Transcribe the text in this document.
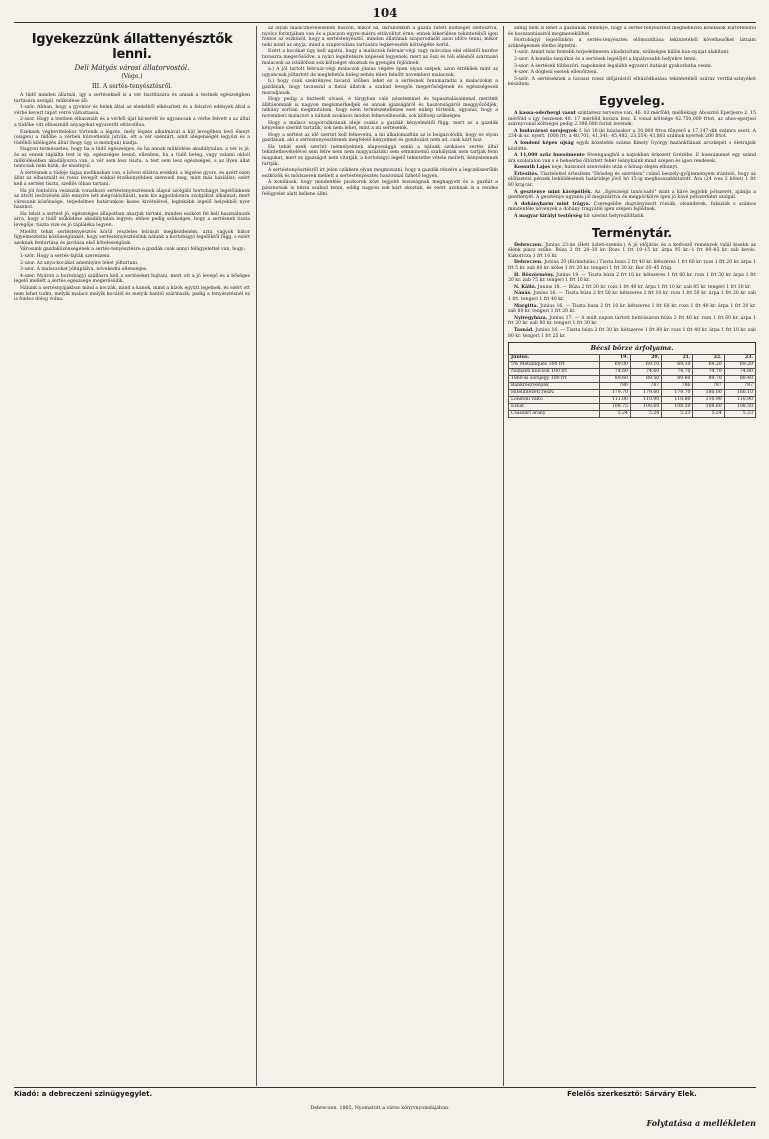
104
Igyekezzünk állattenyésztők lenni.
Deli Mátyás városi állatorvostól.
(Vége.)
III. A sertés-tenyésztésről.

A tüdő minden állatnál, így a sertéseknél is a vér tisztítására és annak a testnek egészségben tartására szolgál, működése áll:

1-ször. Abban, hogy a gyomor és belek által az eledelből elkészített és a felszívó edények által a vérbe kevert tápot vérré változtassa.

2-szor. Hogy a testben elhasznált és a vérből újat kicserélt és ugyancsak a vérbe felvett s az által a tüdőbe vitt elhasznált anyagokat egyszerűt eltávolítsa.

Ezeknek végbevitelekor történik a légzés, mely légzés alkalmával a kül levegőben levő élenyt (oxigen) a tüdőbe a vérben közvetlenül jutván, ott a vér széntárt, amit idegenségét legyőzi és a tüdőből kilélegzés által (hogy úgy is mondjuk) kiadja.

Nagyon természetes, hogy ha a tüdő egészséges, és ha annak működése akadálytalan, a vér is jó, és az ennek táplálta test is ép, egészséges leend; ellenben, ha a tüdő beteg, vagy valami okból működésében akadályozva van, a vér sem lesz tiszta, a test sem lesz egészséges, s az ilyen állat nemcsak nem hízik, de elsatnyul.

A sertésnek a tüdeje tágas mellkasban van, s bőven ellátva erekkel; a légzése gyors, és azért ezen állat az elhasznált és rossz levegőt sokkal érzékenyebben szenvedi meg, mint más háziállat; ezért kell a sertést tiszta, szellős ólban tartani.

Ha jól fontolóra veszszük vonatkozó sertéstenyésztésnek alapul szolgáló hortobágyi legelőinknek az átvitt lesőrzésén álló ennyire lett megvalósítását, nem kis aggodalomra szolgáltat alkalmat; mert városunk közönsége, tetjedelmes határunkon kezes kivételével, leginkább legelő helyekből nyer hasznot.

Ha tehát a sertést jó, egészséges állapotban akarjuk tartani, minden eszközt fel kell használnunk arra, hogy a tüdő működése akadálytalan legyen; ehhez pedig szükséges, hogy a sertésnek tiszta levegője, tiszta vize és jó tápláléka legyen.

Mielőtt tehát sertéstenyésztés körül részletes leírását megkezdeném, arra vagyok bátor figyelmeztetni közönségünket, hogy sertéstenyésztésünk nálunk a hortobágyi legelőktől függ, s ezért azoknak fentartása és javítása első kötelességünk.

Városunk gazdaközönségének a sertés-tenyésztésre a gazdák csak annyi felügyelettel van, hogy:

1-ször. Hogy a sertés-fajták szerezzeni.

2-szor. Az anya-kocákat amennyire lehet jóltartani.

3-szor. A malaczokat jóltáplálva, növekedni ellenséges.

4-szer. Nyáron a hortobágyi szállásra kell a sertéseket hajtani, mert ott a jó levegő és a bőséges legelő mellett a sertés egészsége megerősödik.

Nálunk a sertésnyájakban mind a koczák, mind a kanok, mind a hízók együtt legelnek, és ezért ott nem lehet tudni, melyik malacz melyik kocától és melyik kantól származik, pedig a tenyésztésnél ez is fontos dolog volna.

az olyan malaczneveléseben haszon, mikor az, darabonkint a gazda rátett költséget szétosztva, nyolcz forintjában van és a piaczon egyre-másra eltávolítot érne; ennek kikerülése tekintetéből igen fontos az eszközöl, hogy a sertéstenyésztő, minden állatának szaporodását azon időre tenni, mikor neki mind az anyja, mind a szaporodása tartására legkevesebb költségébe kerül.

Ezért a kocákat úgy kell ugatni, hogy a malaczok február-végi vagy márczius elei elléstől kezdve tavaszra megerősödve, a nyári legeltetésre képesek legyenek; mert az őszi és téli ellésből származó malaczok az istállóban sok költséget okoznak és gyengén fejlődnek.

a.) A jól tartott február-végi malaczok június végére épen olyan szépek, azon értékűek mint az ugyancsak jóltartott de meglehetős hideg nehéz télen felnőtt novemberi malaczok;

b.) hogy csak szekrényes tavaszi időben lehet ez a sertésnek fennmaradni a malaczokat a gazdának, hogy tavasszal a fiatal állatok a szabad levegőn megerősödjenek és egészségesek maradjanak.

Hogy pedig a tiszteelt olvasó, é tárgyban való nézetemmel és tapasztalásaimmal meritett állításomnak is nagyon megismerkedjék és annak igazságáról és haszonságáról meggyőződjék, néhány sorban megmutatom, hogy ezen természetellenes eset mikép történik, ugyanis, hogy a novemberi malaczot a nálunk szokásos módon felnevelhessük, sok költség szükséges.

Hogy a malacz szaporodásának ideje csakis a gazdák kényelmétől függ, mert az a gazdák kényelme szerint tartatik, sok nem lehet, mint a mi sertéseink.

Hogy a sertést az idő szerint kell felnevelni, a mi alkalomadtán az is beigazolódik, hogy ez olyan gazdának, aki a sertéstenyésztésnek megfelelő kényelmet és gondozást nem ad, csak kárt hoz.

Ha tehát ezek szerint (némelyeknek alapossággá senki a nálunk szokásos sertés által tekintetbevételével sem felre nem nem magyarázták) sem semminemű szabálynak nem tartják fenn magukat, mert ez igazságot nem vitatják, a hortobágyi legelő tekintetbe vétele mellett, kényelemnek tartják.

A sertéstenyésztésről irt jelen czikkem olyan megmutatni, hogy a gazdák részére a legczélszerűbb eszközök és módszerek mellett a sertéstenyésztés haszonnal űzhető legyen.

A kondások, hogy mindenféle piszkorok közt legjobb huszságnak meghagyott és a gazdát a pásztornak is nézni szabad tenni, eddig nagyon sok kárt okoztak, és ezért azoknak is a rendes felügyelet alatt kellene állni.

addig nem is lehet a gazdának reménye, hogy a sertés-tenyésztést megnehezítő kondások kártételeitől és bosszantásaitól megmenekülhet.

Hortobágyi legelőinkön a sertés-tenyésztés előmozdítása tekintetéből következőket látnám szükségesnek életbe léptetni:

1-ször. Amint már fentebb terjedelmesen okadatoltam, szükséges külön kan-nyájat alakítani.

2-szor. A kondás-tanyákat és a sertések legelőjét a lapályosabb helyekre tenni.

3-szor. A sertések többszöri, napoknént legalább egyszeri itatását gyakorlatba venni.

4-szer. A dögleni esetek ellenőrzeni.

5-ször. A sertéseknek a tavaszi rossz időjárástól elhúzódhatása tekintetéből száraz vertfal-színyékot készíteni.

Egyveleg.

A kassa-oderbergi vasut szintaresz tervezve van, 46. 02 mérföld; melllékágy Abosztól Eperjesre 2. 15 mérföld s így összesen 48. 17 mérföld hosszu lesz. E vonal költsége 42.750,000 frtot, az ahos-eperjesi szárnyvonal költségei pedig 2.396,000 forint levének.

A budavárosi sorsjegyek f. hó 16-iki húzásakor a 30,000 frtos főnyerő a 17,147-dik számra esett. A 234-ik sz. nyert. 1000 frt; a 40,701; 41,341; 45,482; 23,554; 43,803 számok nyertek 200 frtot.

A londoni képes ujság egyik közelebbi száma Kmety György hazánkfiának arczképét s életrajzát közlötte.

A 11,000 szűz buesúmente Steengaughól a napokban érkezett Grézébe. E buesúmenet egy szánd ára szolatalon van s e beheérbe öltöztett fehér leánykáink mind szépen és igen rendesek.

Kossuth Lajos neje, huszonöt szenvedés után e hónap elején elhunyt.

Értesítés. Tisztelettel értesítem "Diósdeg és szerelem" czimű beszély-gyűjteményem irántoló, hogy az előfizetési pénzek beküldésének határideje jövő hó 15-ig meghosszabbítatott. Ára (24 ives 2 kötet) 1 frt 80 krajcár.

A gesztenye mint kávépótlék. Az „Egészségi tanácsadó" mint a kávé legjobb pótszerét, ajánlja a gesztenyét. A gesztenye ugyanis jól megszárítva és megpörkölve igen jó kávé pótszerként szolgál.

A dohányharm mint trágya. Cseregebbe dugványozott rózsák, oleanderek, fuksziák s számos mindenféle növények a dohány trágyától igen szépen fejlődnek.

A magyar királyi testőrség hír szerint helyreállíttatik.

Terménytár.

Debreczen. Junius 23-án (Heti üzleti-szemle.) A jó időjárás és a kedvező remények valál kisebb az élénk piacz szűke. Búza 2 frt 20–30 kr. Rozs 1 frt 10–15 kr. árpa 95 kr.–1 frt 80–85 kr. zab kevés. Kukoricza 1 frt 10 kr.

Debreczen. Junius 20 (Kirándulás.) Tiszta buza 2 frt 40 kr. kétszeres 1 frt 60 kr. rozs 1 frt 20 kr. árpa 1 frt 5 kr. zab 80 kr. köles 1 frt 20 kr. tengeri 1 frt 30 kr. Bor 30–45 frtig.

H. Böszörmény. Junius 19. — Tiszta búza 2 frt 10 kr. kétszeres 1 frt 60 kr. rozs 1 frt 30 kr. árpa 1 frt 20 kr. zab 75 kr. tengeri 1 frt 10 kr.

N. Kálló. Junius 18. — Búza 2 frt 20 kr. rozs 1 frt 40 kr. árpa 1 frt 10 kr. zab 85 kr. tengeri 1 frt 30 kr.

Nánás. Junius 16. — Tiszta búza 2 frt 50 kr. kétszeres 2 frt 10 kr. rozs 1 frt 50 kr. árpa 1 frt 20 kr. zab 1 frt. tengeri 1 frt 40 kr.

Margitta. Junius 16. — Tiszta buza 2 frt 10 kr. kétszeres 1 frt 60 kr. rozs 1 frt 40 kr. árpa 1 frt 20 kr. zab 80 kr. tengeri 1 frt 20 kr.

Nyiregyháza. Junius 17. — A múlt napon tartott hetivásáron búza 2 frt 40 kr. rozs 1 frt 60 kr. árpa 1 frt 20 kr. zab 80 kr. tengeri 1 frt 30 kr.

Tasnád. Junius 16. — Tiszta búza 2 frt 30 kr. kétszeres 1 frt 80 kr. rozs 1 frt 40 kr. árpa 1 frt 10 kr. zab 80 kr. tengeri 1 frt 25 kr.

Bécsi börze árfolyama.
Junius.	19.	20.	21.	22.	23.
5% Metalliques 100 frt	69.00	69.10	69.10	69.20	69.20
Nemzeti kölcsön 100 frt	74.60	74.60	74.70	74.70	74.80
1860-ki sorsjegy 100 frt	89.60	89.50	89.60	89.70	89.40
Bankrészvények	786	787	786	787	787
Hitelintézeti részv.	179.70	179.60	179.70	180.00	180.10
Londoni váltó	111.00	110.90	110.80	110.90	110.90
Ezüst	108.75	108.60	108.50	108.60	108.50
Császári arany	5.24	5.24	5.23	5.24	5.23
Kiadó: a debreczeni szinügyegylet.
Debreczen. 1865. Nyomatott a város könyvnyomdájában.
Felelős szerkesztő: Sárváry Elek.
Folytatása a mellékleten
